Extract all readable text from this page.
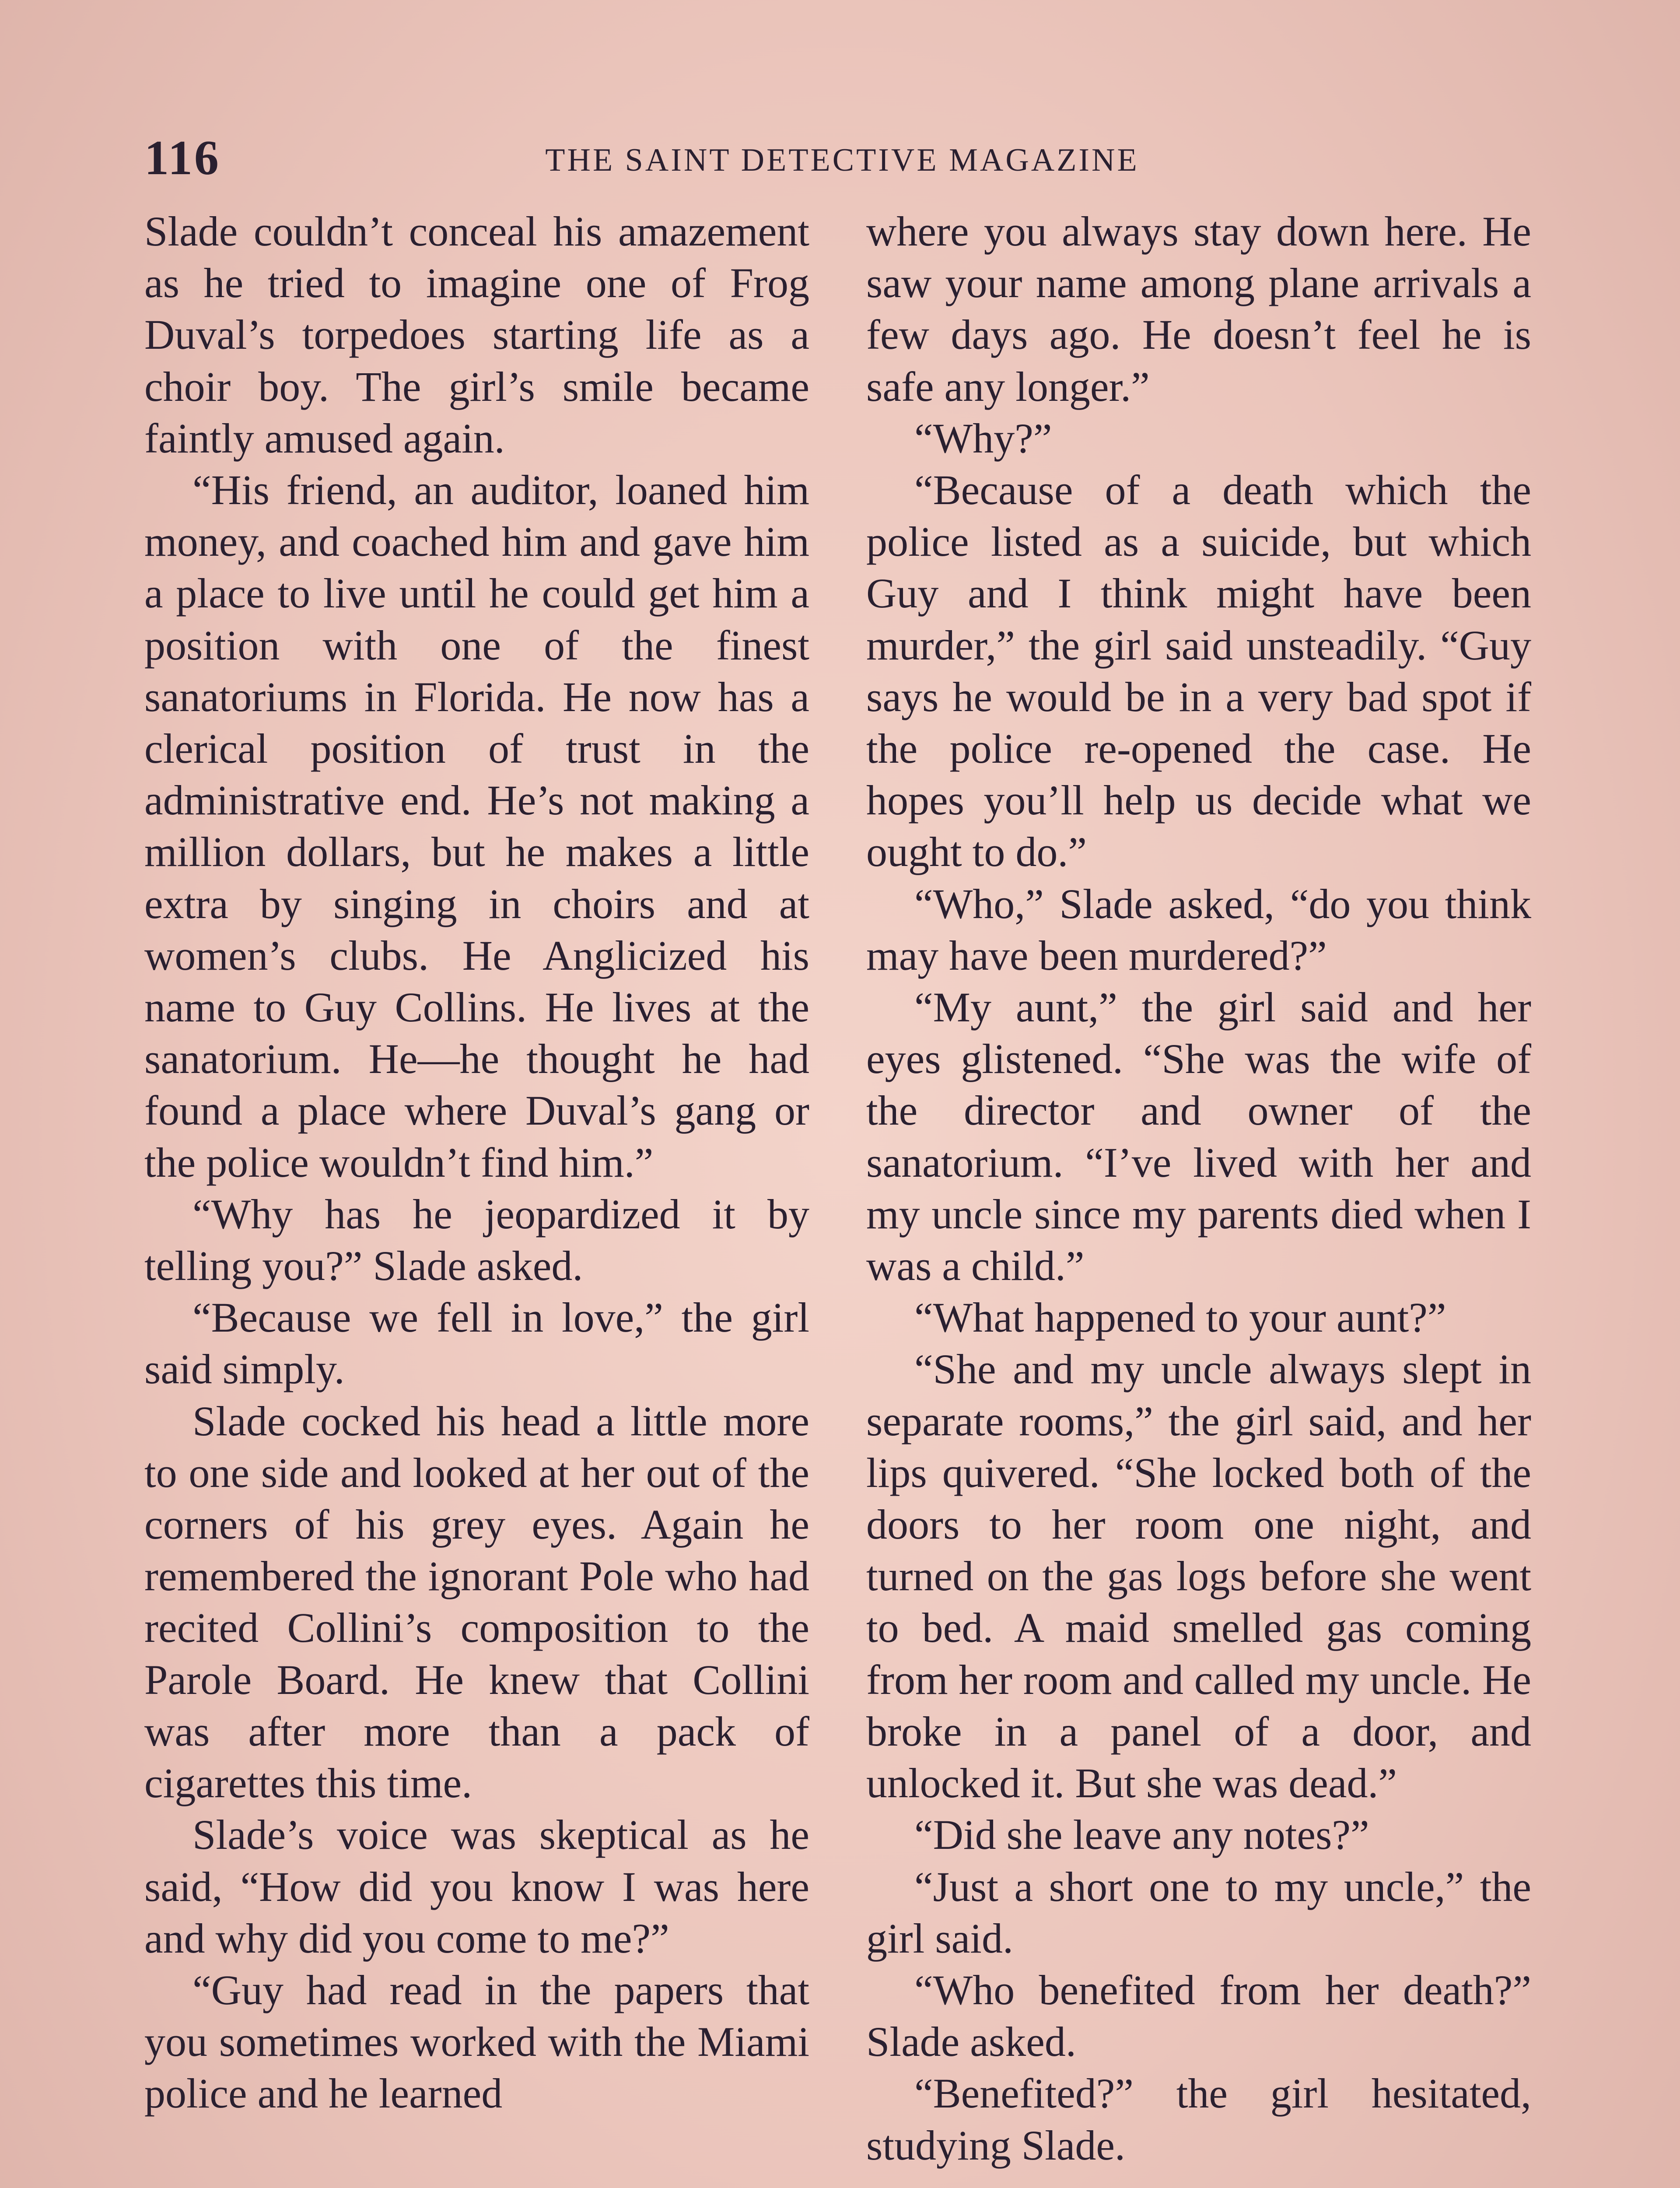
116	THE SAINT DETECTIVE MAGAZINE

Slade couldn’t conceal his amazement as he tried to imagine one of Frog Duval’s torpedoes starting life as a choir boy. The girl’s smile became faintly amused again.

“His friend, an auditor, loaned him money, and coached him and gave him a place to live until he could get him a position with one of the finest sanatoriums in Florida. He now has a clerical position of trust in the administrative end. He’s not making a million dollars, but he makes a little extra by singing in choirs and at women’s clubs. He Anglicized his name to Guy Collins. He lives at the sanatorium. He—he thought he had found a place where Duval’s gang or the police wouldn’t find him.”

“Why has he jeopardized it by telling you?” Slade asked.

“Because we fell in love,” the girl said simply.

Slade cocked his head a little more to one side and looked at her out of the corners of his grey eyes. Again he remembered the ignorant Pole who had recited Collini’s composition to the Parole Board. He knew that Collini was after more than a pack of cigarettes this time.

Slade’s voice was skeptical as he said, “How did you know I was here and why did you come to me?”

“Guy had read in the papers that you sometimes worked with the Miami police and he learned

where you always stay down here. He saw your name among plane arrivals a few days ago. He doesn’t feel he is safe any longer.”

“Why?”

“Because of a death which the police listed as a suicide, but which Guy and I think might have been murder,” the girl said unsteadily. “Guy says he would be in a very bad spot if the police re-opened the case. He hopes you’ll help us decide what we ought to do.”

“Who,” Slade asked, “do you think may have been murdered?”

“My aunt,” the girl said and her eyes glistened. “She was the wife of the director and owner of the sanatorium. “I’ve lived with her and my uncle since my parents died when I was a child.”

“What happened to your aunt?”

“She and my uncle always slept in separate rooms,” the girl said, and her lips quivered. “She locked both of the doors to her room one night, and turned on the gas logs before she went to bed. A maid smelled gas coming from her room and called my uncle. He broke in a panel of a door, and unlocked it. But she was dead.”

“Did she leave any notes?”

“Just a short one to my uncle,” the girl said.

“Who benefited from her death?” Slade asked.

“Benefited?” the girl hesitated, studying Slade.
